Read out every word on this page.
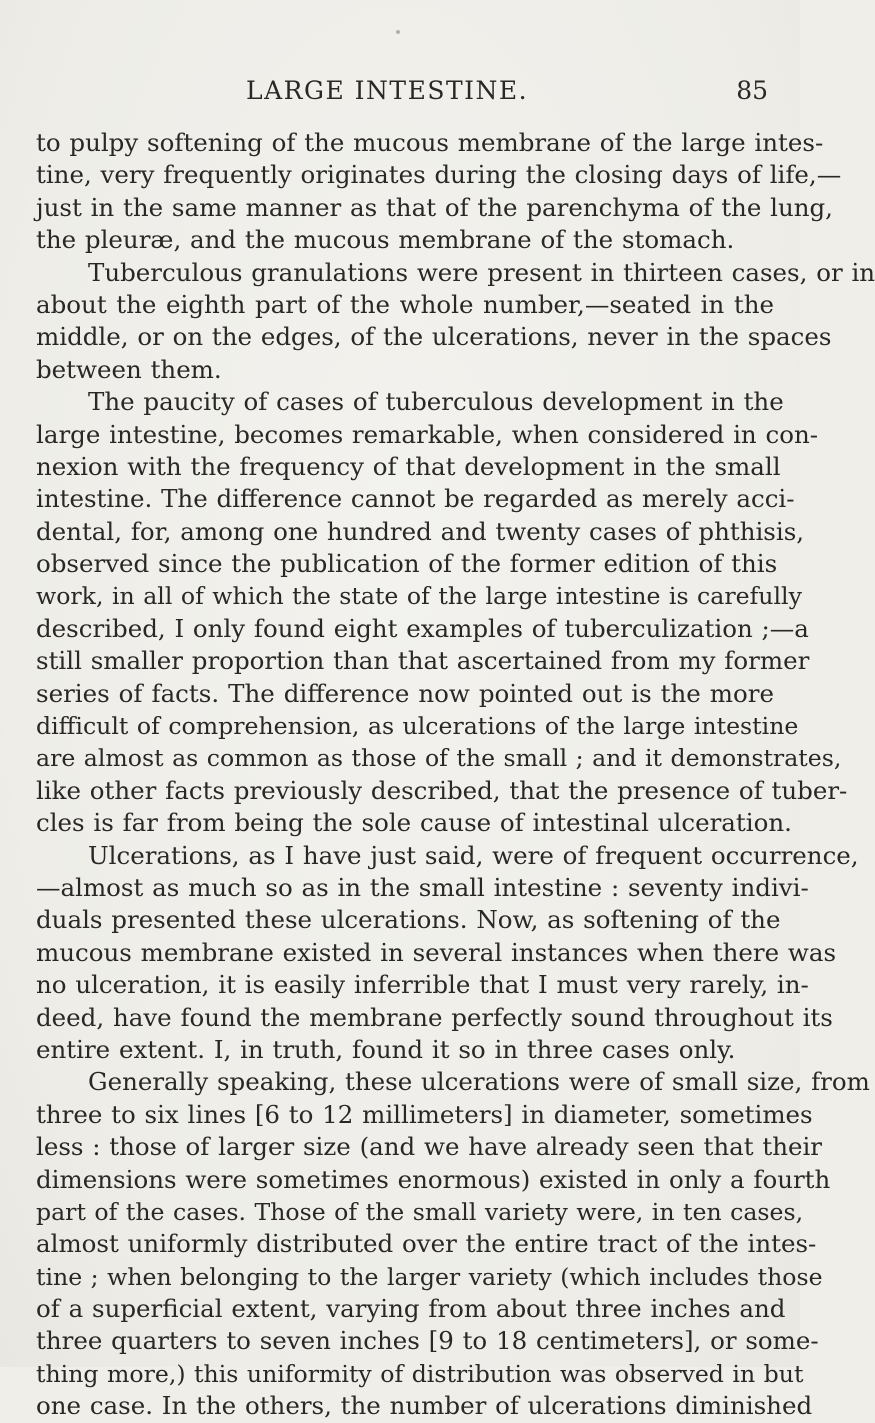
LARGE INTESTINE.	85
to pulpy softening of the mucous membrane of the large intes-
tine, very frequently originates during the closing days of life,—
just in the same manner as that of the parenchyma of the lung,
the pleuræ, and the mucous membrane of the stomach.
Tuberculous granulations were present in thirteen cases, or in
about the eighth part of the whole number,—seated in the
middle, or on the edges, of the ulcerations, never in the spaces
between them.
The paucity of cases of tuberculous development in the
large intestine, becomes remarkable, when considered in con-
nexion with the frequency of that development in the small
intestine. The difference cannot be regarded as merely acci-
dental, for, among one hundred and twenty cases of phthisis,
observed since the publication of the former edition of this
work, in all of which the state of the large intestine is carefully
described, I only found eight examples of tuberculization ;—a
still smaller proportion than that ascertained from my former
series of facts. The difference now pointed out is the more
difficult of comprehension, as ulcerations of the large intestine
are almost as common as those of the small ; and it demonstrates,
like other facts previously described, that the presence of tuber-
cles is far from being the sole cause of intestinal ulceration.
Ulcerations, as I have just said, were of frequent occurrence,
—almost as much so as in the small intestine : seventy indivi-
duals presented these ulcerations. Now, as softening of the
mucous membrane existed in several instances when there was
no ulceration, it is easily inferrible that I must very rarely, in-
deed, have found the membrane perfectly sound throughout its
entire extent. I, in truth, found it so in three cases only.
Generally speaking, these ulcerations were of small size, from
three to six lines [6 to 12 millimeters] in diameter, sometimes
less : those of larger size (and we have already seen that their
dimensions were sometimes enormous) existed in only a fourth
part of the cases. Those of the small variety were, in ten cases,
almost uniformly distributed over the entire tract of the intes-
tine ; when belonging to the larger variety (which includes those
of a superficial extent, varying from about three inches and
three quarters to seven inches [9 to 18 centimeters], or some-
thing more,) this uniformity of distribution was observed in but
one case. In the others, the number of ulcerations diminished
